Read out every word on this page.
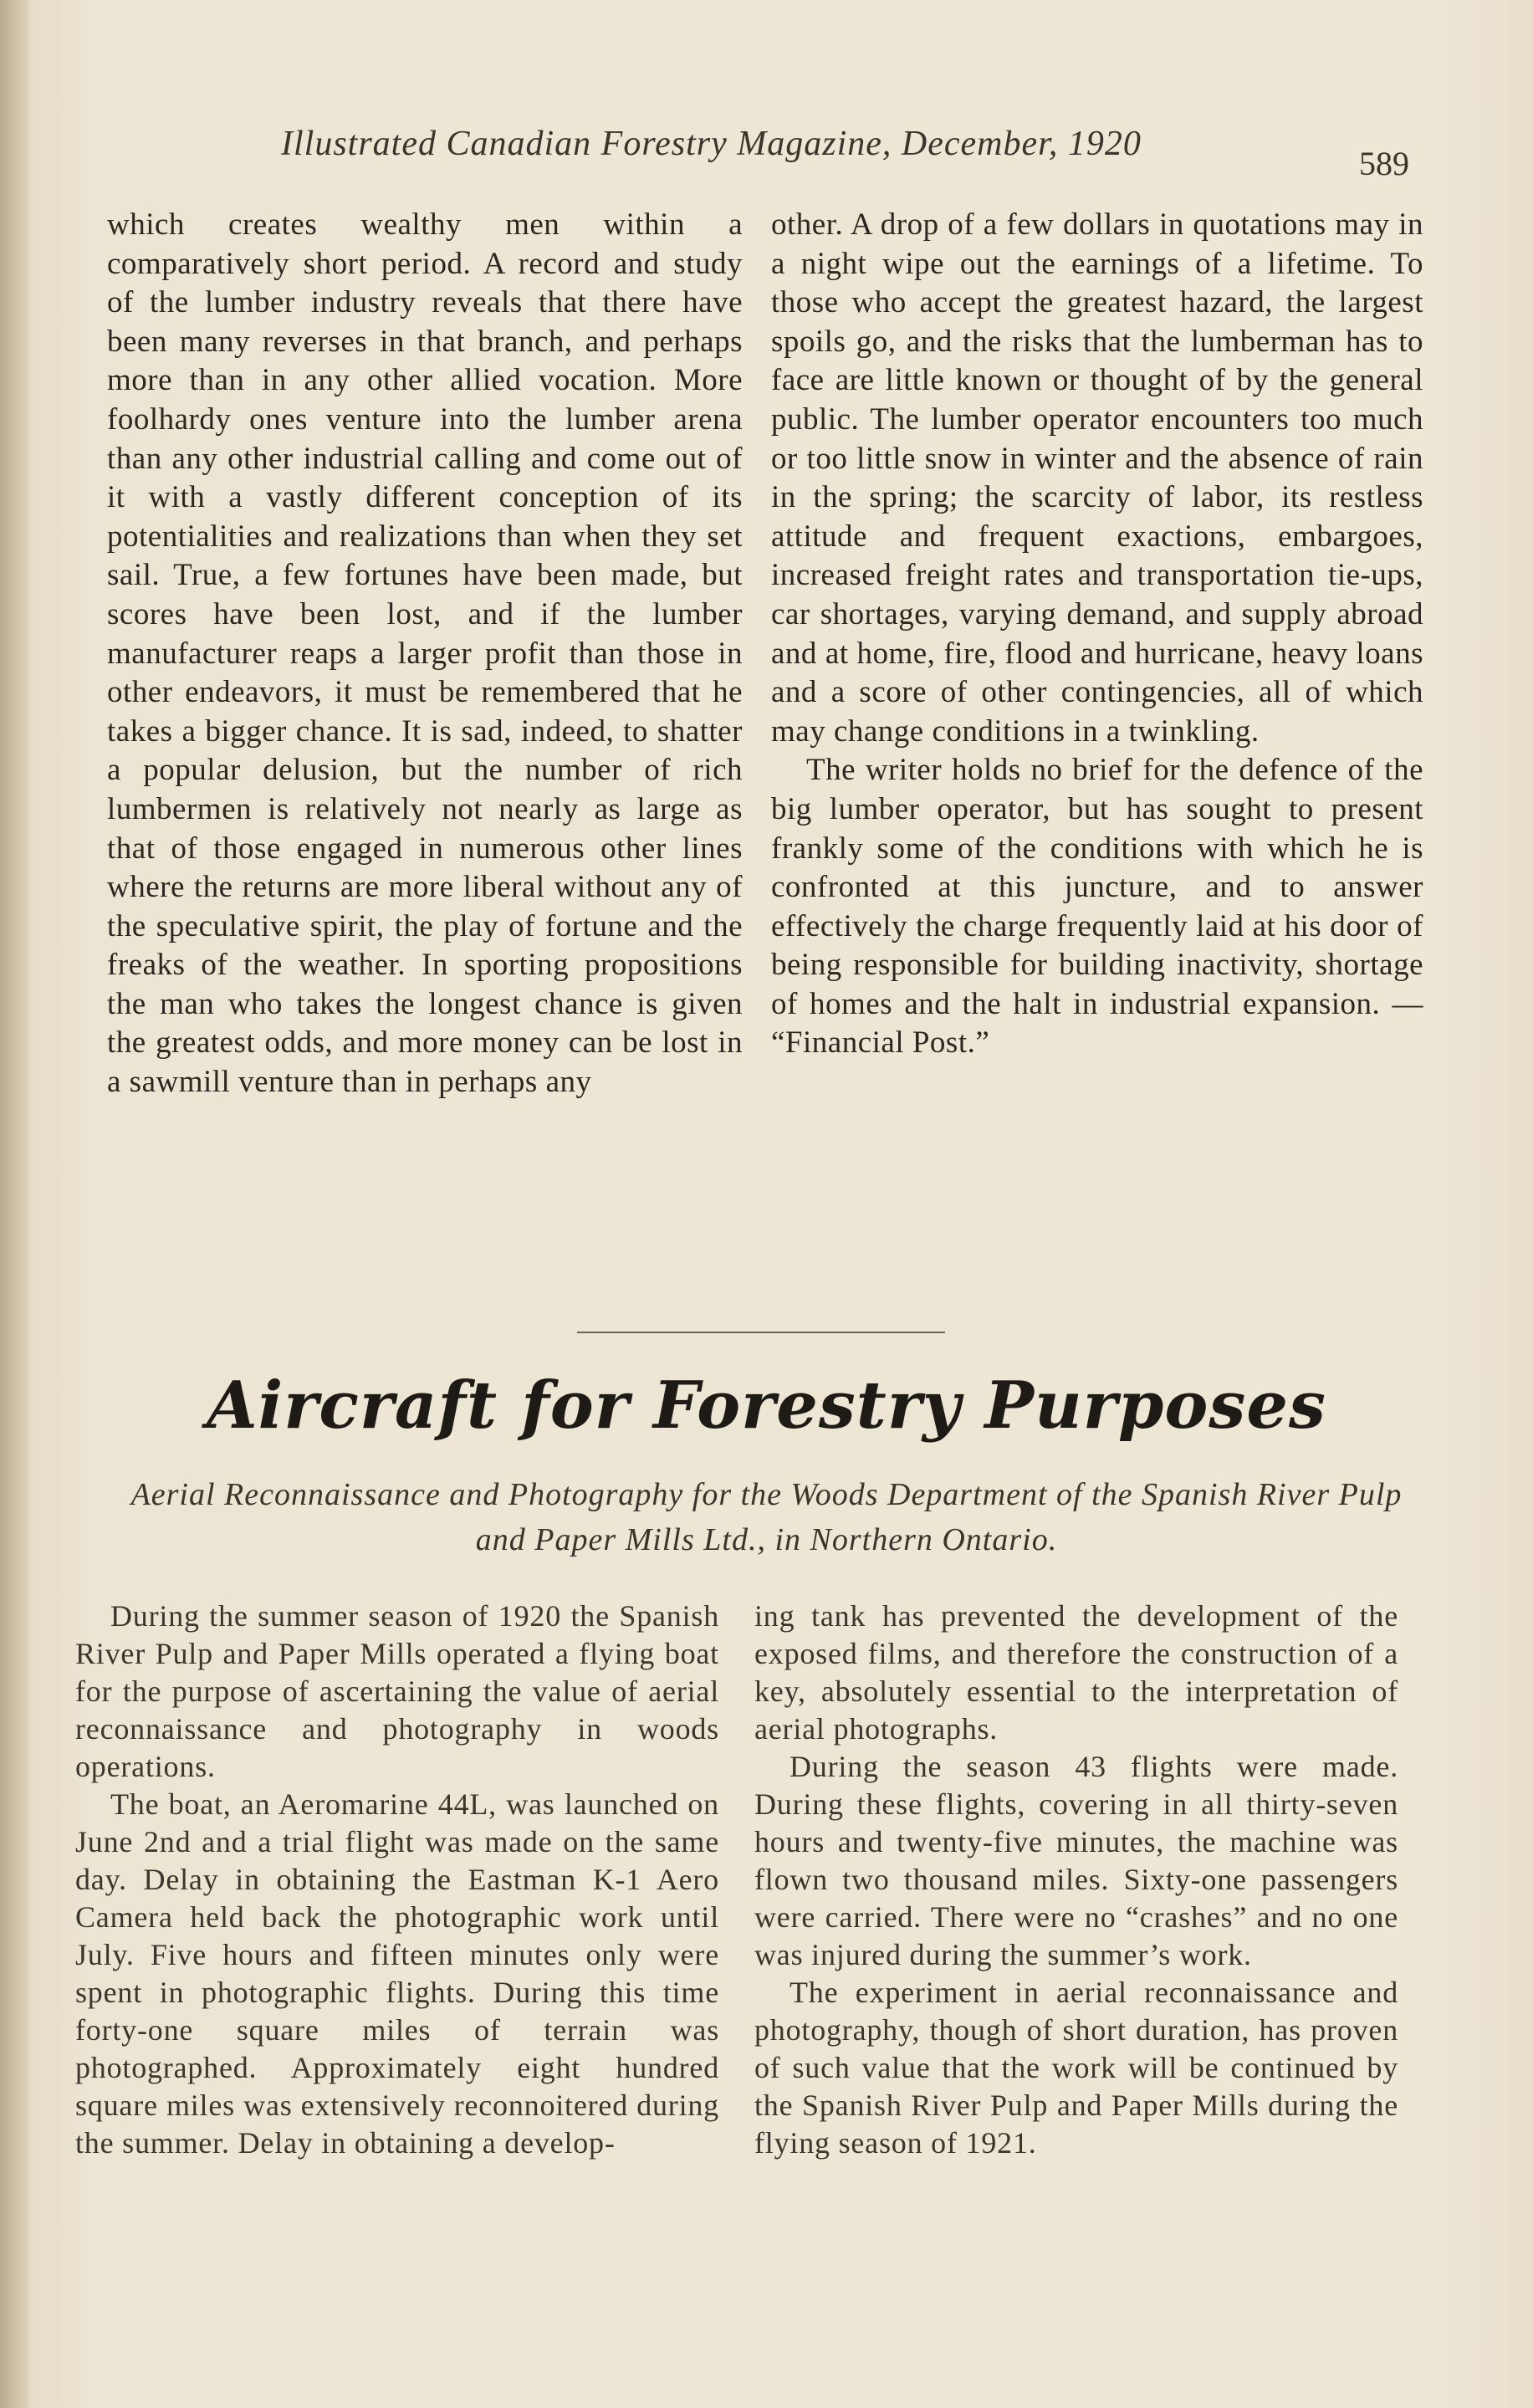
Illustrated Canadian Forestry Magazine, December, 1920
589

which creates wealthy men within a comparatively short period. A record and study of the lumber industry reveals that there have been many reverses in that branch, and perhaps more than in any other allied vocation. More foolhardy ones venture into the lumber arena than any other industrial calling and come out of it with a vastly different conception of its potentialities and realizations than when they set sail. True, a few fortunes have been made, but scores have been lost, and if the lumber manufacturer reaps a larger profit than those in other endeavors, it must be remembered that he takes a bigger chance. It is sad, indeed, to shatter a popular delusion, but the number of rich lumbermen is relatively not nearly as large as that of those engaged in numerous other lines where the returns are more liberal without any of the speculative spirit, the play of fortune and the freaks of the weather. In sporting propositions the man who takes the longest chance is given the greatest odds, and more money can be lost in a sawmill venture than in perhaps any

other. A drop of a few dollars in quotations may in a night wipe out the earnings of a lifetime. To those who accept the greatest hazard, the largest spoils go, and the risks that the lumberman has to face are little known or thought of by the general public. The lumber operator encounters too much or too little snow in winter and the absence of rain in the spring; the scarcity of labor, its restless attitude and frequent exactions, embargoes, increased freight rates and transportation tie-ups, car shortages, varying demand, and supply abroad and at home, fire, flood and hurricane, heavy loans and a score of other contingencies, all of which may change conditions in a twinkling.

The writer holds no brief for the defence of the big lumber operator, but has sought to present frankly some of the conditions with which he is confronted at this juncture, and to answer effectively the charge frequently laid at his door of being responsible for building inactivity, shortage of homes and the halt in industrial expansion. — “Financial Post.”

Aircraft for Forestry Purposes
Aerial Reconnaissance and Photography for the Woods Department of the Spanish River Pulp and Paper Mills Ltd., in Northern Ontario.

During the summer season of 1920 the Spanish River Pulp and Paper Mills operated a flying boat for the purpose of ascertaining the value of aerial reconnaissance and photography in woods operations.

The boat, an Aeromarine 44L, was launched on June 2nd and a trial flight was made on the same day. Delay in obtaining the Eastman K-1 Aero Camera held back the photographic work until July. Five hours and fifteen minutes only were spent in photographic flights. During this time forty-one square miles of terrain was photographed. Approximately eight hundred square miles was extensively reconnoitered during the summer. Delay in obtaining a develop-

ing tank has prevented the development of the exposed films, and therefore the construction of a key, absolutely essential to the interpretation of aerial photographs.

During the season 43 flights were made. During these flights, covering in all thirty-seven hours and twenty-five minutes, the machine was flown two thousand miles. Sixty-one passengers were carried. There were no “crashes” and no one was injured during the summer’s work.

The experiment in aerial reconnaissance and photography, though of short duration, has proven of such value that the work will be continued by the Spanish River Pulp and Paper Mills during the flying season of 1921.
